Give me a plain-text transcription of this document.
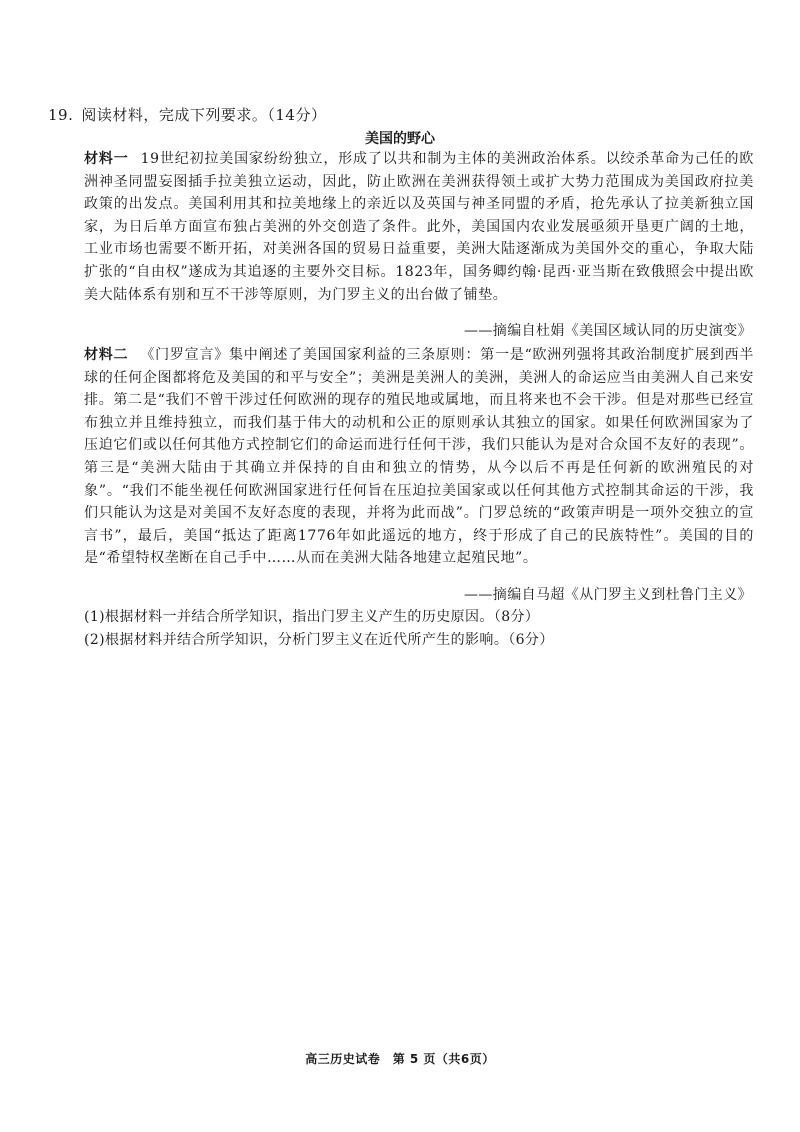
19. 阅读材料，完成下列要求。（14分）
美国的野心
材料一 19世纪初拉美国家纷纷独立，形成了以共和制为主体的美洲政治体系。以绞杀革命为己任的欧洲神圣同盟妄图插手拉美独立运动，因此，防止欧洲在美洲获得领土或扩大势力范围成为美国政府拉美政策的出发点。美国利用其和拉美地缘上的亲近以及英国与神圣同盟的矛盾，抢先承认了拉美新独立国家，为日后单方面宣布独占美洲的外交创造了条件。此外，美国国内农业发展亟须开垦更广阔的土地，工业市场也需要不断开拓，对美洲各国的贸易日益重要，美洲大陆逐渐成为美国外交的重心，争取大陆扩张的“自由权”遂成为其追逐的主要外交目标。1823年，国务卿约翰·昆西·亚当斯在致俄照会中提出欧美大陆体系有别和互不干涉等原则，为门罗主义的出台做了铺垫。
——摘编自杜娟《美国区域认同的历史演变》
材料二 《门罗宣言》集中阐述了美国国家利益的三条原则：第一是“欧洲列强将其政治制度扩展到西半球的任何企图都将危及美国的和平与安全”；美洲是美洲人的美洲，美洲人的命运应当由美洲人自己来安排。第二是“我们不曾干涉过任何欧洲的现存的殖民地或属地，而且将来也不会干涉。但是对那些已经宣布独立并且维持独立，而我们基于伟大的动机和公正的原则承认其独立的国家。如果任何欧洲国家为了压迫它们或以任何其他方式控制它们的命运而进行任何干涉，我们只能认为是对合众国不友好的表现”。第三是“美洲大陆由于其确立并保持的自由和独立的情势，从今以后不再是任何新的欧洲殖民的对象”。“我们不能坐视任何欧洲国家进行任何旨在压迫拉美国家或以任何其他方式控制其命运的干涉，我们只能认为这是对美国不友好态度的表现，并将为此而战”。门罗总统的“政策声明是一项外交独立的宣言书”，最后，美国“抵达了距离1776年如此遥远的地方，终于形成了自己的民族特性”。美国的目的是“希望特权垄断在自己手中……从而在美洲大陆各地建立起殖民地”。
——摘编自马超《从门罗主义到杜鲁门主义》
(1)根据材料一并结合所学知识，指出门罗主义产生的历史原因。（8分）
(2)根据材料并结合所学知识，分析门罗主义在近代所产生的影响。（6分）
高三历史试卷　第 5 页（共6页）
